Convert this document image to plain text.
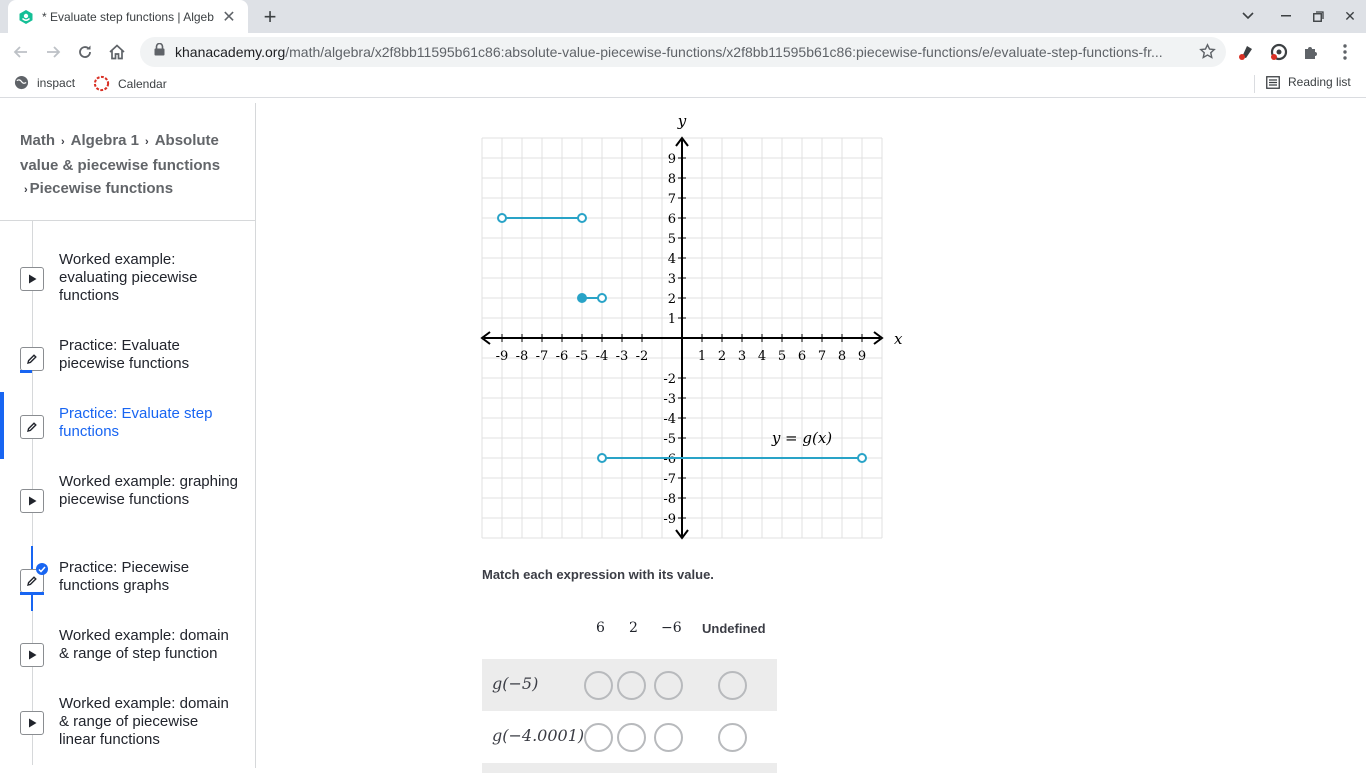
* Evaluate step functions | Algeb ✕ +	✕
khanacademy.org/math/algebra/x2f8bb11595b61c86:absolute-value-piecewise-functions/x2f8bb11595b61c86:piecewise-functions/e/evaluate-step-functions-fr...
inspact	Calendar	Reading list
Math › Algebra 1 › Absolute value & piecewise functions
› Piecewise functions
Worked example: evaluating piecewise functions
Practice: Evaluate piecewise functions
Practice: Evaluate step functions
Worked example: graphing piecewise functions
Practice: Piecewise functions graphs
Worked example: domain & range of step function
Worked example: domain & range of piecewise linear functions
-9 -8 -7 -6 -5 -4 -3 -2	1 2 3 4 5 6 7 8 9
9
8
7
6
5
4
3
2
1
-2
-3
-4
-5
-6
-7
-8
-9
x
y
y = g(x)
Match each expression with its value.
6 2 −6 Undefined
g(−5)
g(−4.0001)
